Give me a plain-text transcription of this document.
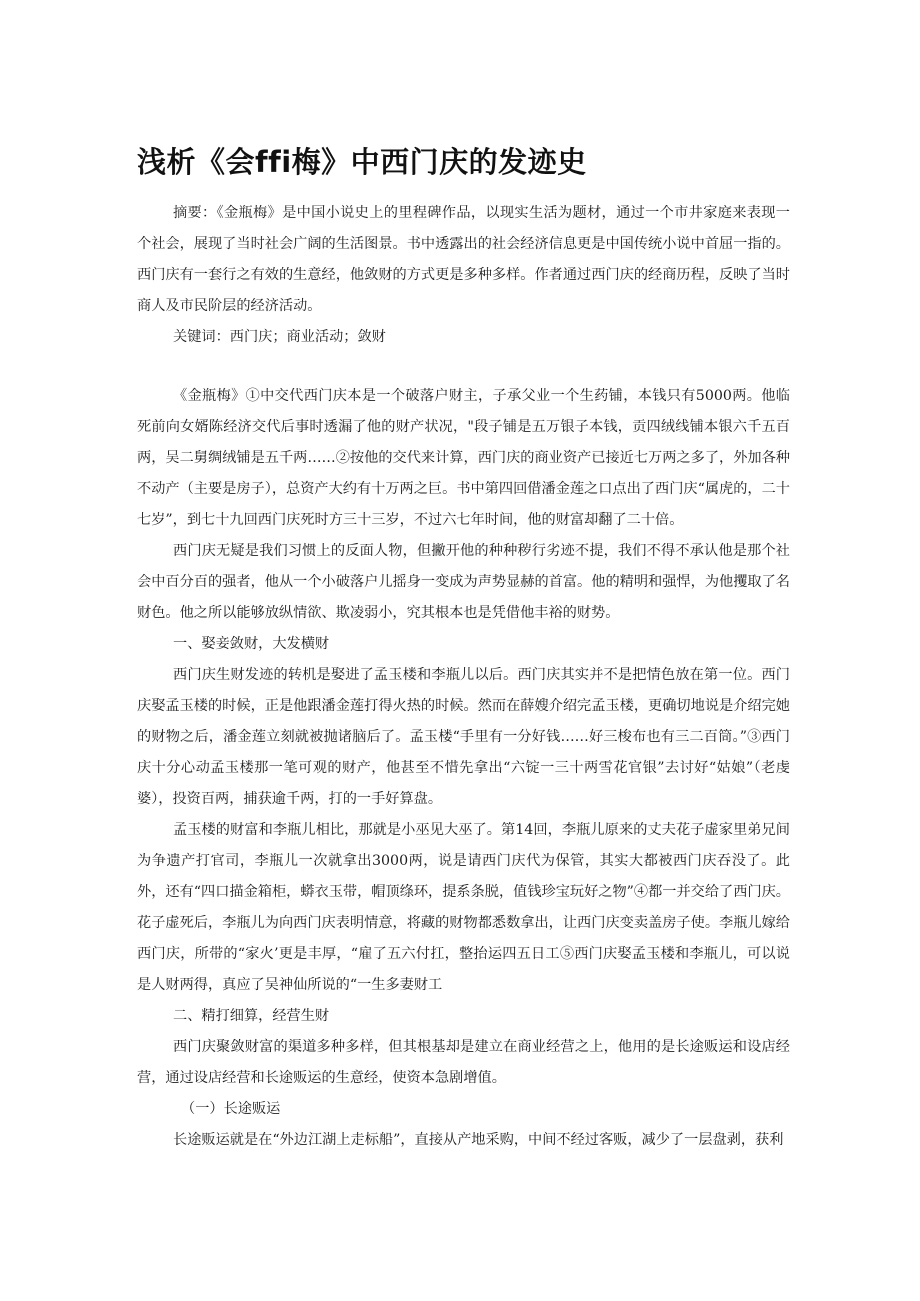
浅析《会ffi梅》中西门庆的发迹史

摘要：《金瓶梅》是中国小说史上的里程碑作品，以现实生活为题材，通过一个市井家庭来表现一个社会，展现了当时社会广阔的生活图景。书中透露出的社会经济信息更是中国传统小说中首屈一指的。西门庆有一套行之有效的生意经，他敛财的方式更是多种多样。作者通过西门庆的经商历程，反映了当时商人及市民阶层的经济活动。

关键词：西门庆；商业活动；敛财

《金瓶梅》①中交代西门庆本是一个破落户财主，子承父业一个生药铺，本钱只有5000两。他临死前向女婿陈经济交代后事时透漏了他的财产状况，"段子铺是五万银子本钱，贡四绒线铺本银六千五百两，吴二舅绸绒铺是五千两……②按他的交代来计算，西门庆的商业资产已接近七万两之多了，外加各种不动产（主要是房子），总资产大约有十万两之巨。书中第四回借潘金莲之口点出了西门庆“属虎的，二十七岁”，到七十九回西门庆死时方三十三岁，不过六七年时间，他的财富却翻了二十倍。

西门庆无疑是我们习惯上的反面人物，但撇开他的种种秽行劣迹不提，我们不得不承认他是那个社会中百分百的强者，他从一个小破落户儿摇身一变成为声势显赫的首富。他的精明和强悍，为他攫取了名财色。他之所以能够放纵情欲、欺凌弱小，究其根本也是凭借他丰裕的财势。

一、娶妾敛财，大发横财

西门庆生财发迹的转机是娶进了孟玉楼和李瓶儿以后。西门庆其实并不是把情色放在第一位。西门庆娶孟玉楼的时候，正是他跟潘金莲打得火热的时候。然而在薛嫂介绍完孟玉楼，更确切地说是介绍完她的财物之后，潘金莲立刻就被抛诸脑后了。孟玉楼“手里有一分好钱……好三梭布也有三二百筒。”③西门庆十分心动孟玉楼那一笔可观的财产，他甚至不惜先拿出“六锭一三十两雪花官银”去讨好“姑娘”（老虔婆），投资百两，捕获逾千两，打的一手好算盘。

孟玉楼的财富和李瓶儿相比，那就是小巫见大巫了。第14回，李瓶儿原来的丈夫花子虚家里弟兄间为争遗产打官司，李瓶儿一次就拿出3000两，说是请西门庆代为保管，其实大都被西门庆吞没了。此外，还有“四口描金箱柜，蟒衣玉带，帽顶绦环，提系条脱，值钱珍宝玩好之物”④都一并交给了西门庆。花子虚死后，李瓶儿为向西门庆表明情意，将藏的财物都悉数拿出，让西门庆变卖盖房子使。李瓶儿嫁给西门庆，所带的“家火’更是丰厚，“雇了五六付扛，整抬运四五日工⑤西门庆娶孟玉楼和李瓶儿，可以说是人财两得，真应了吴神仙所说的“一生多妻财工

二、精打细算，经营生财

西门庆聚敛财富的渠道多种多样，但其根基却是建立在商业经营之上，他用的是长途贩运和设店经营，通过设店经营和长途贩运的生意经，使资本急剧增值。

（一）长途贩运

长途贩运就是在“外边江湖上走标船”，直接从产地采购，中间不经过客贩，减少了一层盘剥，获利
